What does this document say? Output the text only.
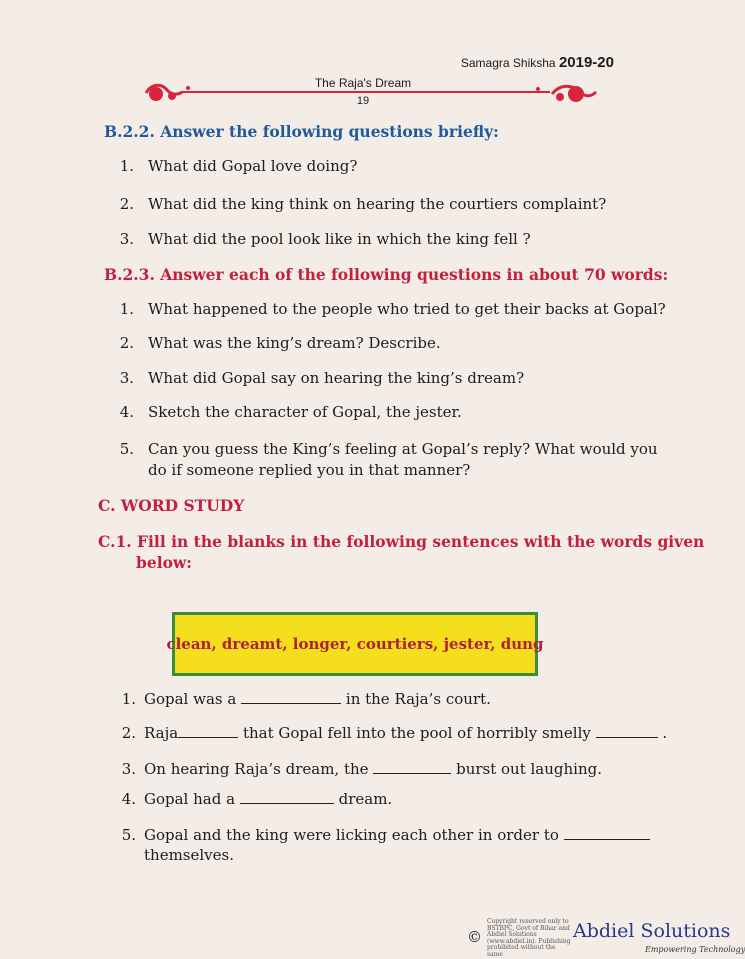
Samagra Shiksha 2019-20
The Raja's Dream
19
B.2.2. Answer the following questions briefly:
1. What did Gopal love doing?
2. What did the king think on hearing the courtiers complaint?
3. What did the pool look like in which the king fell ?
B.2.3. Answer each of the following questions in about 70 words:
1. What happened to the people who tried to get their backs at Gopal?
2. What was the king’s dream? Describe.
3. What did Gopal say on hearing the king’s dream?
4. Sketch the character of Gopal, the jester.
5. Can you guess the King’s feeling at Gopal’s reply? What would you
do if someone replied you in that manner?
C. WORD STUDY
C.1. Fill in the blanks in the following sentences with the words given
below:
clean, dreamt, longer, courtiers, jester, dung
1. Gopal was a	in the Raja’s court.
2. Raja	that Gopal fell into the pool of horribly smelly	.
3. On hearing Raja’s dream, the	burst out laughing.
4. Gopal had a	dream.
5. Gopal and the king were licking each other in order to
themselves.
©
Copyright reserved only to
BSTBPC, Govt of Bihar and
Abdiel Solutions
(www.abdiel.in). Publishing
prohibited without the same
Abdiel Solutions
Empowering Technology
